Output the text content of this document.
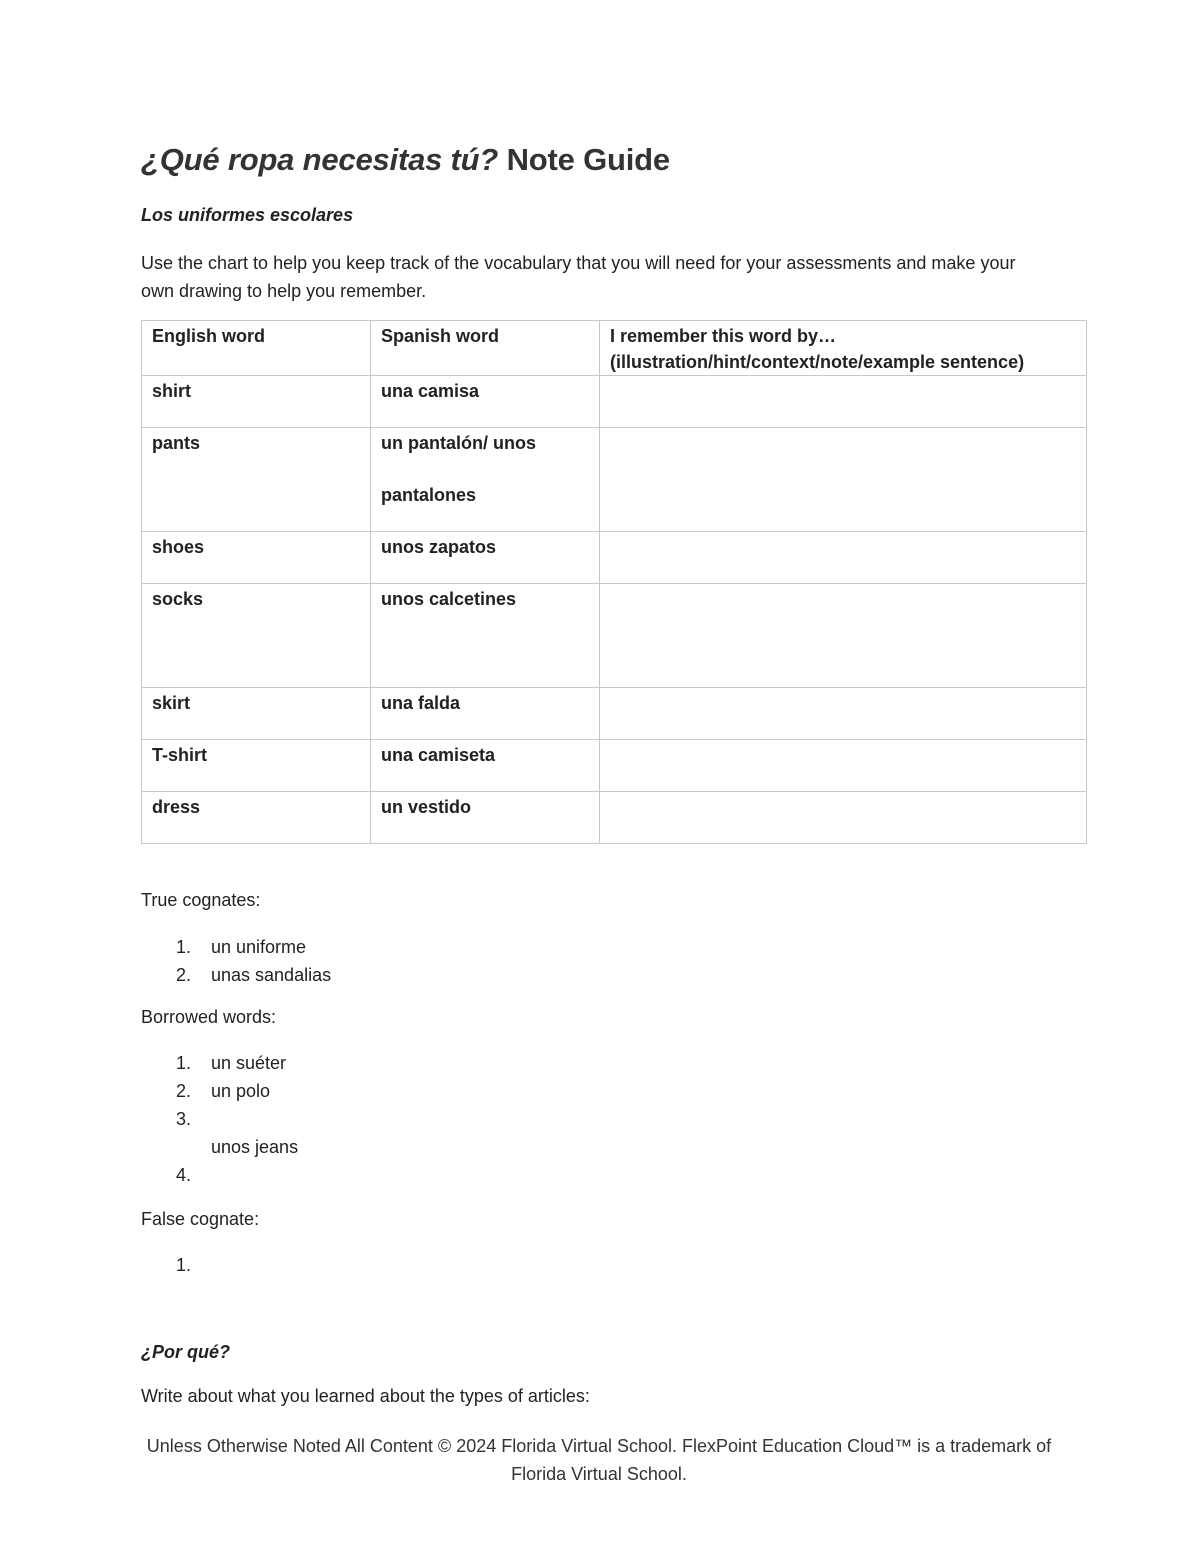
¿Qué ropa necesitas tú? Note Guide
Los uniformes escolares
Use the chart to help you keep track of the vocabulary that you will need for your assessments and make your own drawing to help you remember.
English word	Spanish word	I remember this word by…
(illustration/hint/context/note/example sentence)

shirt	una camisa	
pants	un pantalón/ unos
pantalones	

shoes	unos zapatos	
socks	unos calcetines	
skirt	una falda	
T-shirt	una camiseta	
dress	un vestido	
True cognates:
1. un uniforme
2. unas sandalias
Borrowed words:
1. un suéter
2. un polo
3.
unos jeans
4.
False cognate:
1.
¿Por qué?
Write about what you learned about the types of articles:
Unless Otherwise Noted All Content © 2024 Florida Virtual School. FlexPoint Education Cloud™ is a trademark of Florida Virtual School.
